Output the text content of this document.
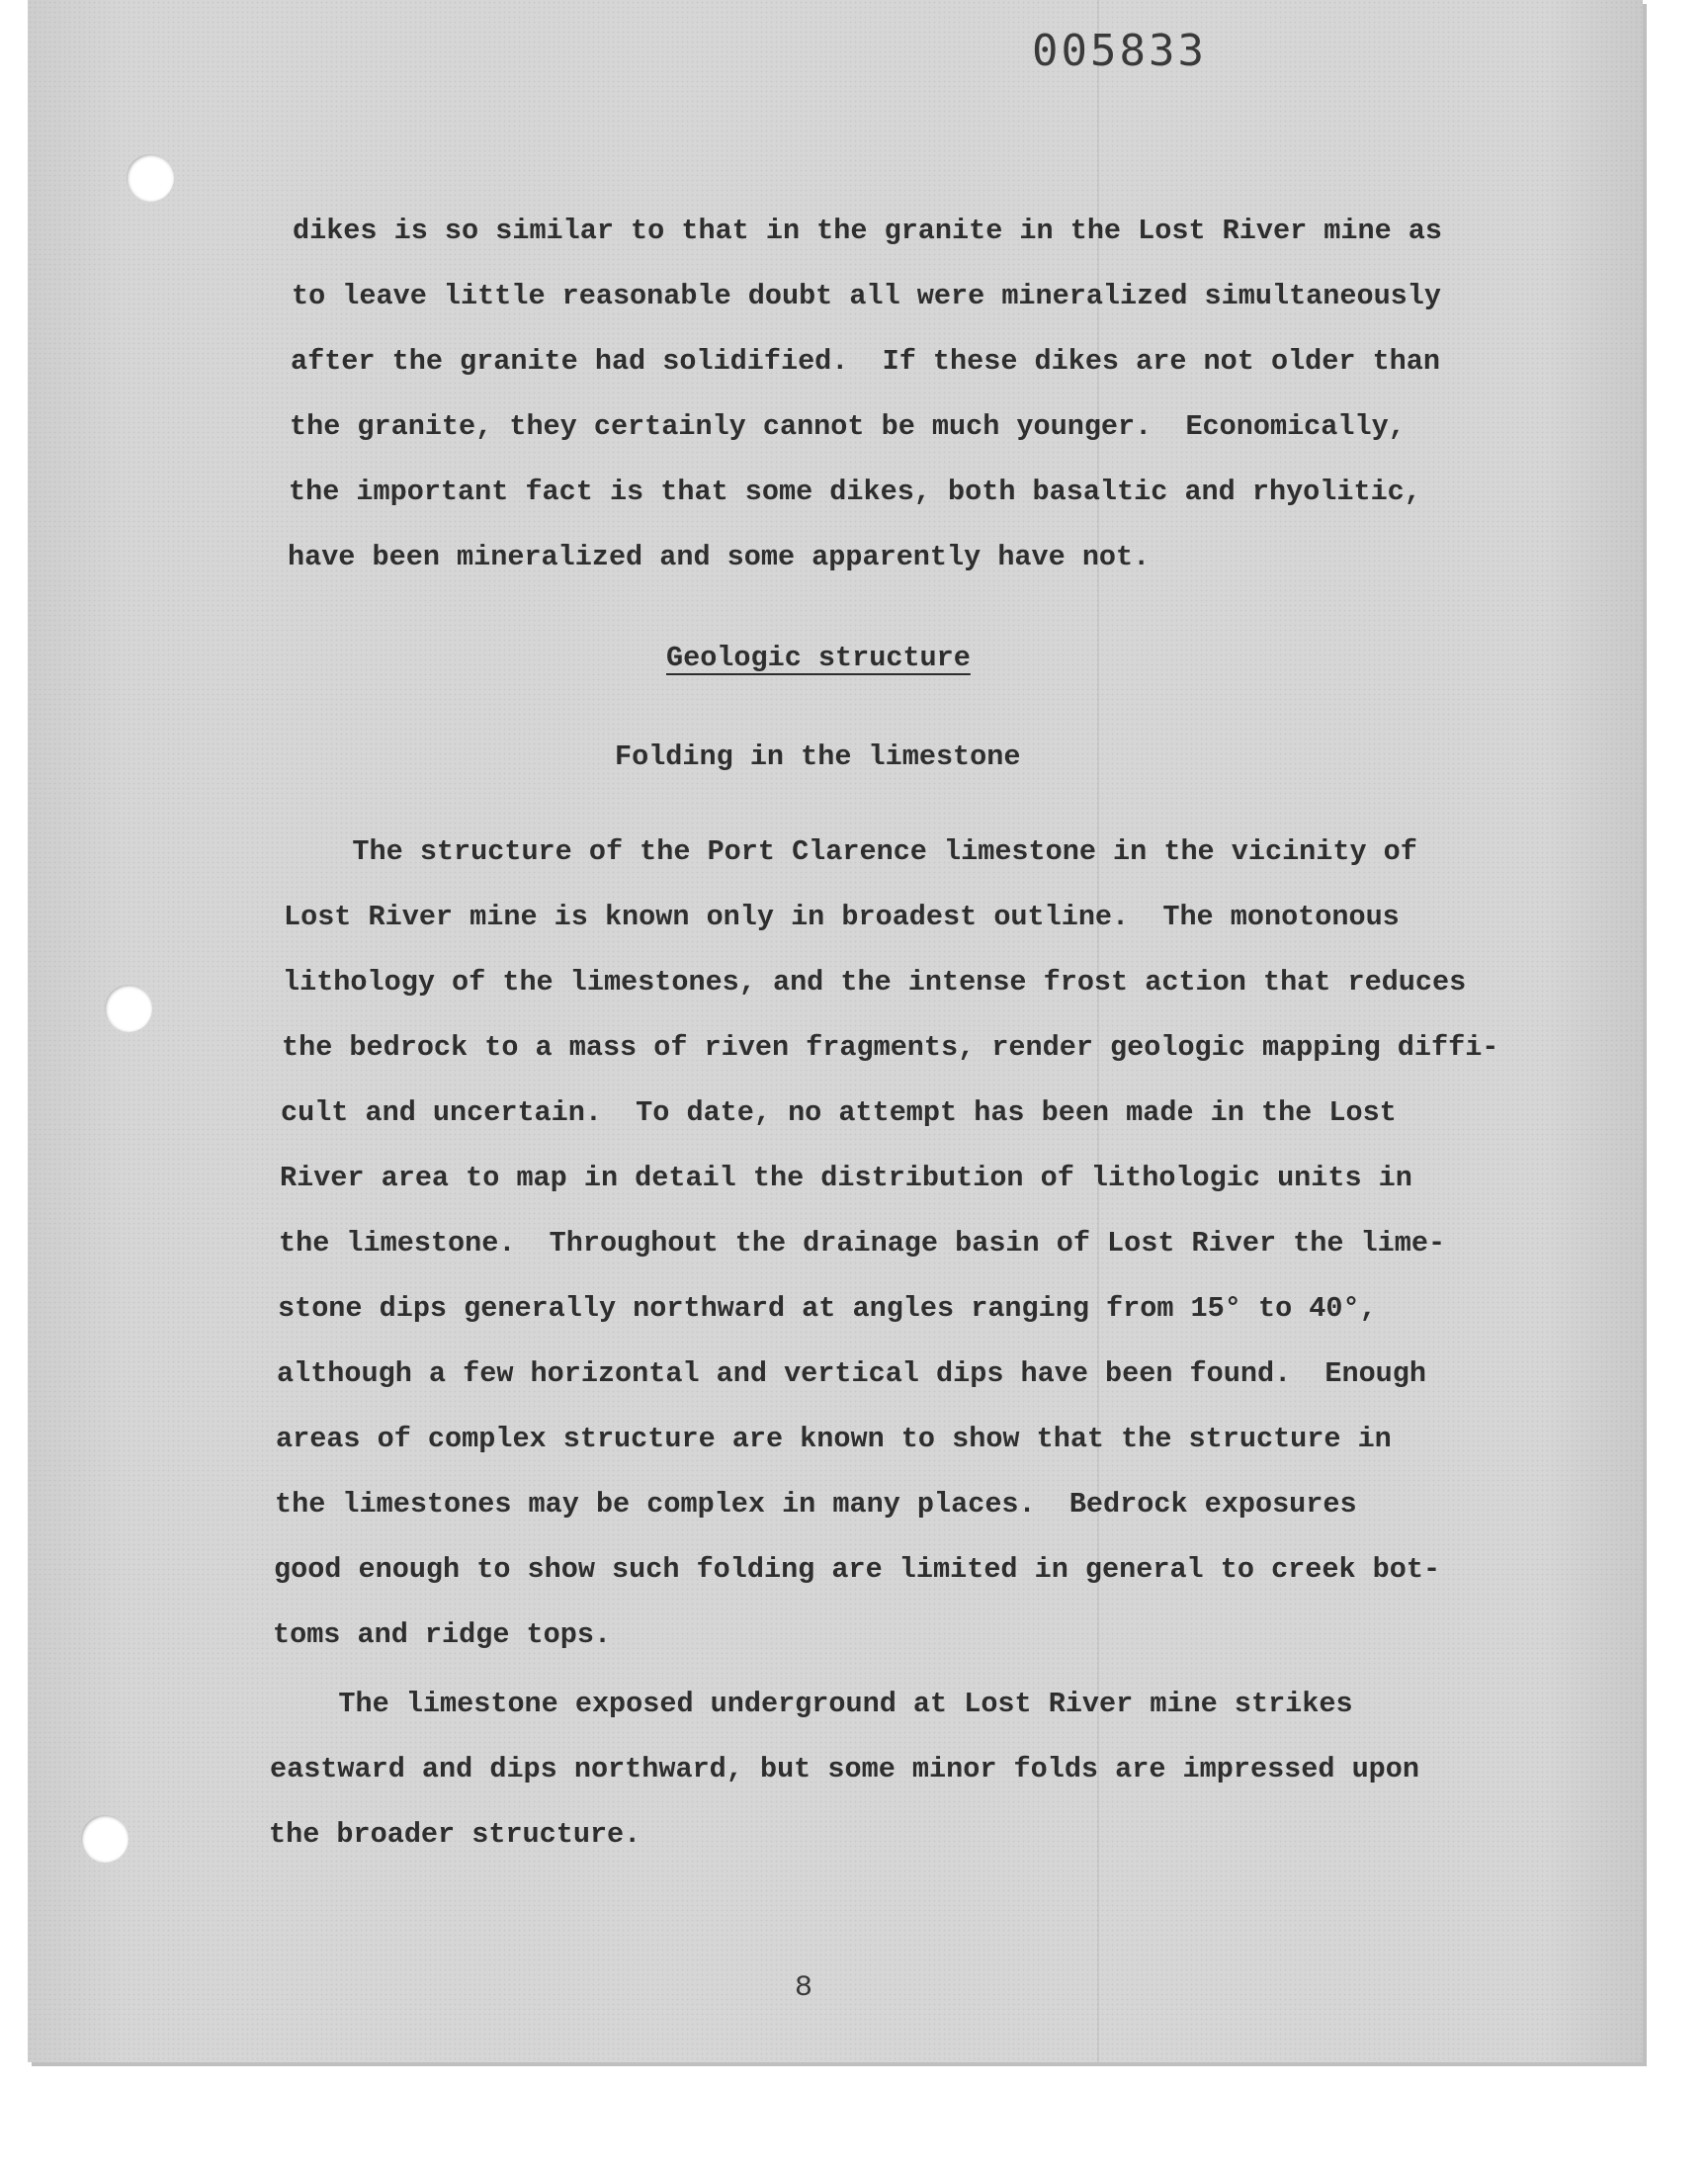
005833
dikes is so similar to that in the granite in the Lost River mine as
to leave little reasonable doubt all were mineralized simultaneously
after the granite had solidified.  If these dikes are not older than
the granite, they certainly cannot be much younger.  Economically,
the important fact is that some dikes, both basaltic and rhyolitic,
have been mineralized and some apparently have not.
Geologic structure
Folding in the limestone
The structure of the Port Clarence limestone in the vicinity of
Lost River mine is known only in broadest outline.  The monotonous
lithology of the limestones, and the intense frost action that reduces
the bedrock to a mass of riven fragments, render geologic mapping diffi-
cult and uncertain.  To date, no attempt has been made in the Lost
River area to map in detail the distribution of lithologic units in
the limestone.  Throughout the drainage basin of Lost River the lime-
stone dips generally northward at angles ranging from 15° to 40°,
although a few horizontal and vertical dips have been found.  Enough
areas of complex structure are known to show that the structure in
the limestones may be complex in many places.  Bedrock exposures
good enough to show such folding are limited in general to creek bot-
toms and ridge tops.
The limestone exposed underground at Lost River mine strikes
eastward and dips northward, but some minor folds are impressed upon
the broader structure.
8
